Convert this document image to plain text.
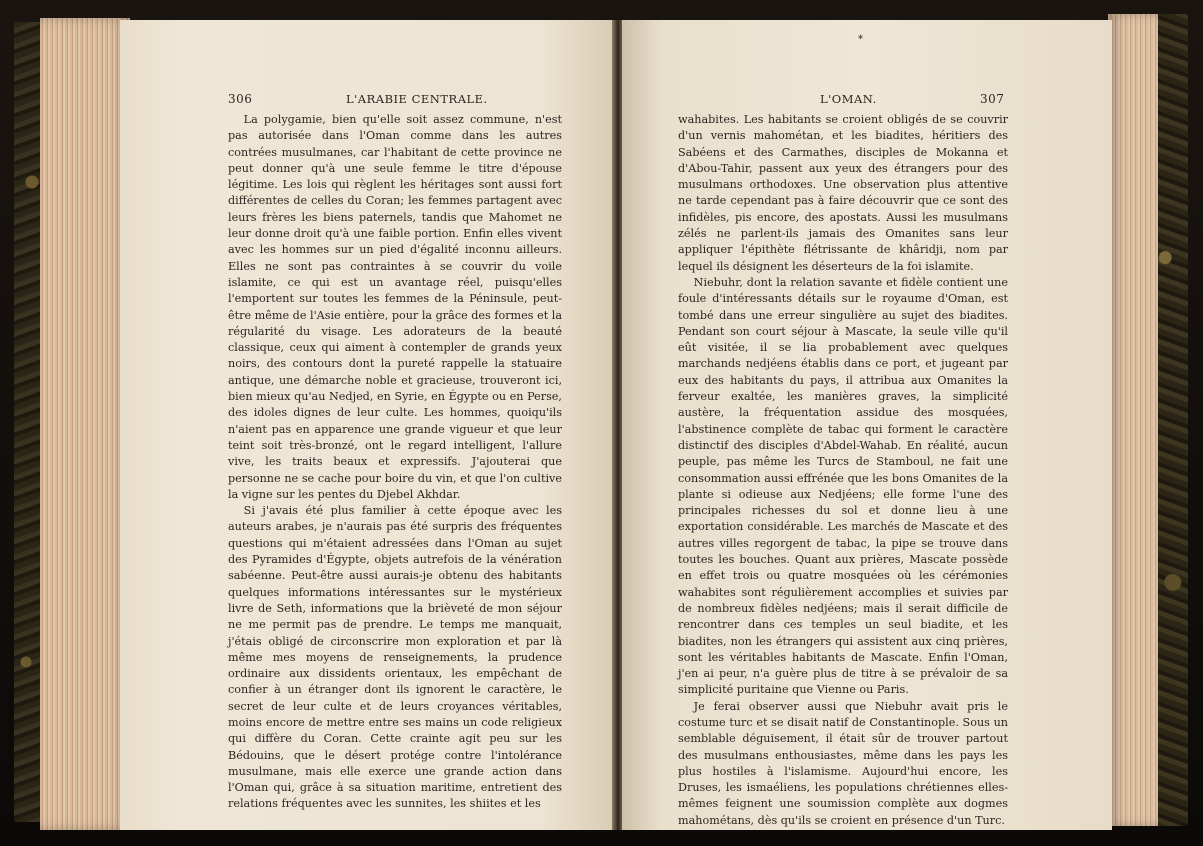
306	L'ARABIE CENTRALE.

La polygamie, bien qu'elle soit assez commune, n'est pas autorisée dans l'Oman comme dans les autres contrées musulmanes, car l'habitant de cette province ne peut donner qu'à une seule femme le titre d'épouse légitime. Les lois qui règlent les héritages sont aussi fort différentes de celles du Coran; les femmes partagent avec leurs frères les biens paternels, tandis que Mahomet ne leur donne droit qu'à une faible portion. Enfin elles vivent avec les hommes sur un pied d'égalité inconnu ailleurs. Elles ne sont pas contraintes à se couvrir du voile islamite, ce qui est un avantage réel, puisqu'elles l'emportent sur toutes les femmes de la Péninsule, peut-être même de l'Asie entière, pour la grâce des formes et la régularité du visage. Les adorateurs de la beauté classique, ceux qui aiment à contempler de grands yeux noirs, des contours dont la pureté rappelle la statuaire antique, une démarche noble et gracieuse, trouveront ici, bien mieux qu'au Nedjed, en Syrie, en Égypte ou en Perse, des idoles dignes de leur culte. Les hommes, quoiqu'ils n'aient pas en apparence une grande vigueur et que leur teint soit très-bronzé, ont le regard intelligent, l'allure vive, les traits beaux et expressifs. J'ajouterai que personne ne se cache pour boire du vin, et que l'on cultive la vigne sur les pentes du Djebel Akhdar.

Si j'avais été plus familier à cette époque avec les auteurs arabes, je n'aurais pas été surpris des fréquentes questions qui m'étaient adressées dans l'Oman au sujet des Pyramides d'Égypte, objets autrefois de la vénération sabéenne. Peut-être aussi aurais-je obtenu des habitants quelques informations intéressantes sur le mystérieux livre de Seth, informations que la brièveté de mon séjour ne me permit pas de prendre. Le temps me manquait, j'étais obligé de circonscrire mon exploration et par là même mes moyens de renseignements, la prudence ordinaire aux dissidents orientaux, les empêchant de confier à un étranger dont ils ignorent le caractère, le secret de leur culte et de leurs croyances véritables, moins encore de mettre entre ses mains un code religieux qui diffère du Coran. Cette crainte agit peu sur les Bédouins, que le désert protége contre l'intolérance musulmane, mais elle exerce une grande action dans l'Oman qui, grâce à sa situation maritime, entretient des relations fréquentes avec les sunnites, les shiites et les

*
L'OMAN.	307

wahabites. Les habitants se croient obligés de se couvrir d'un vernis mahométan, et les biadites, héritiers des Sabéens et des Carmathes, disciples de Mokanna et d'Abou-Tahir, passent aux yeux des étrangers pour des musulmans orthodoxes. Une observation plus attentive ne tarde cependant pas à faire découvrir que ce sont des infidèles, pis encore, des apostats. Aussi les musulmans zélés ne parlent-ils jamais des Omanites sans leur appliquer l'épithète flétrissante de khâridji, nom par lequel ils désignent les déserteurs de la foi islamite.

Niebuhr, dont la relation savante et fidèle contient une foule d'intéressants détails sur le royaume d'Oman, est tombé dans une erreur singulière au sujet des biadites. Pendant son court séjour à Mascate, la seule ville qu'il eût visitée, il se lia probablement avec quelques marchands nedjéens établis dans ce port, et jugeant par eux des habitants du pays, il attribua aux Omanites la ferveur exaltée, les manières graves, la simplicité austère, la fréquentation assidue des mosquées, l'abstinence complète de tabac qui forment le caractère distinctif des disciples d'Abdel-Wahab. En réalité, aucun peuple, pas même les Turcs de Stamboul, ne fait une consommation aussi effrénée que les bons Omanites de la plante si odieuse aux Nedjéens; elle forme l'une des principales richesses du sol et donne lieu à une exportation considérable. Les marchés de Mascate et des autres villes regorgent de tabac, la pipe se trouve dans toutes les bouches. Quant aux prières, Mascate possède en effet trois ou quatre mosquées où les cérémonies wahabites sont régulièrement accomplies et suivies par de nombreux fidèles nedjéens; mais il serait difficile de rencontrer dans ces temples un seul biadite, et les biadites, non les étrangers qui assistent aux cinq prières, sont les véritables habitants de Mascate. Enfin l'Oman, j'en ai peur, n'a guère plus de titre à se prévaloir de sa simplicité puritaine que Vienne ou Paris.

Je ferai observer aussi que Niebuhr avait pris le costume turc et se disait natif de Constantinople. Sous un semblable déguisement, il était sûr de trouver partout des musulmans enthousiastes, même dans les pays les plus hostiles à l'islamisme. Aujourd'hui encore, les Druses, les ismaéliens, les populations chrétiennes elles-mêmes feignent une soumission complète aux dogmes mahométans, dès qu'ils se croient en présence d'un Turc.
